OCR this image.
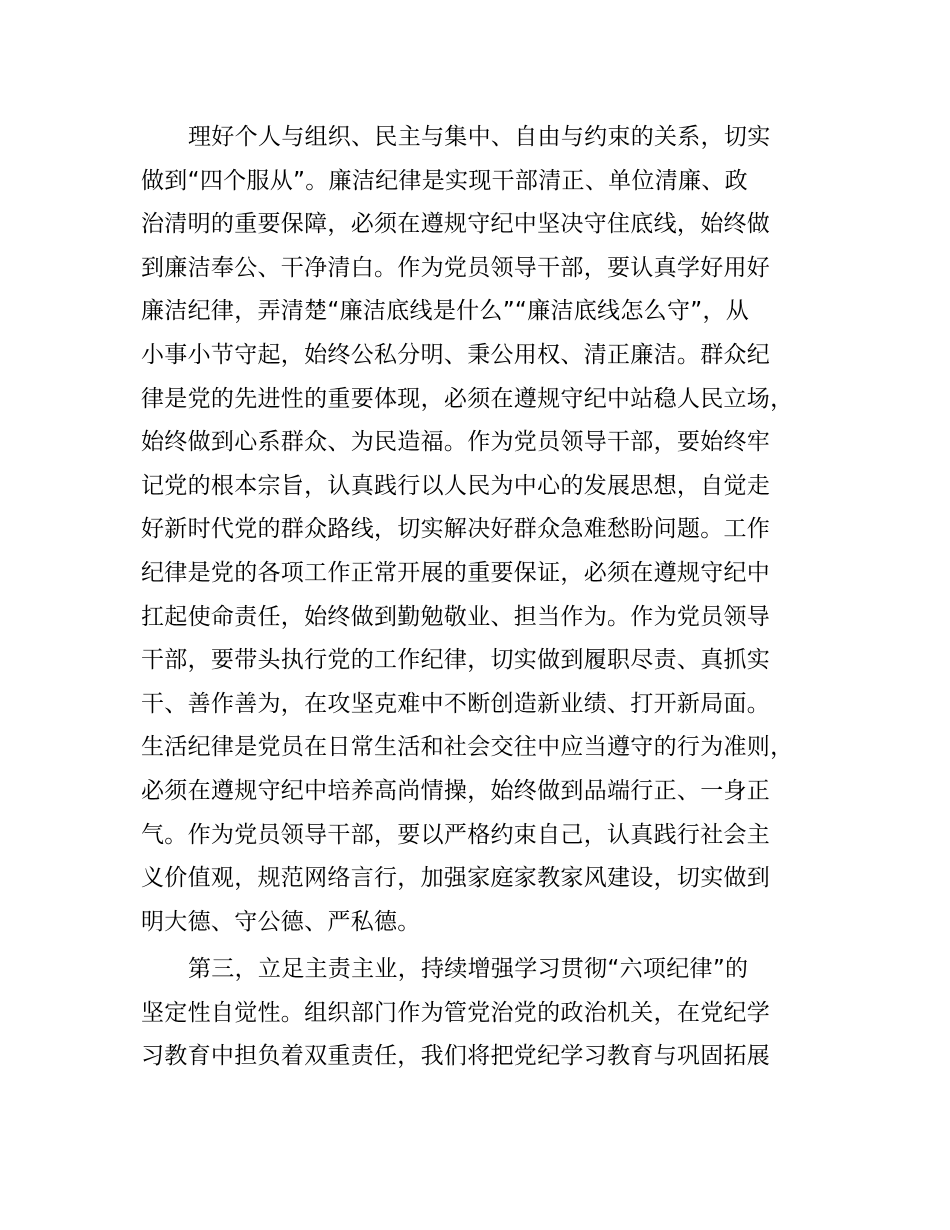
理好个人与组织、民主与集中、自由与约束的关系，切实
做到“四个服从”。廉洁纪律是实现干部清正、单位清廉、政
治清明的重要保障，必须在遵规守纪中坚决守住底线，始终做
到廉洁奉公、干净清白。作为党员领导干部，要认真学好用好
廉洁纪律，弄清楚“廉洁底线是什么”“廉洁底线怎么守”，从
小事小节守起，始终公私分明、秉公用权、清正廉洁。群众纪
律是党的先进性的重要体现，必须在遵规守纪中站稳人民立场，
始终做到心系群众、为民造福。作为党员领导干部，要始终牢
记党的根本宗旨，认真践行以人民为中心的发展思想，自觉走
好新时代党的群众路线，切实解决好群众急难愁盼问题。工作
纪律是党的各项工作正常开展的重要保证，必须在遵规守纪中
扛起使命责任，始终做到勤勉敬业、担当作为。作为党员领导
干部，要带头执行党的工作纪律，切实做到履职尽责、真抓实
干、善作善为，在攻坚克难中不断创造新业绩、打开新局面。
生活纪律是党员在日常生活和社会交往中应当遵守的行为准则，
必须在遵规守纪中培养高尚情操，始终做到品端行正、一身正
气。作为党员领导干部，要以严格约束自己，认真践行社会主
义价值观，规范网络言行，加强家庭家教家风建设，切实做到
明大德、守公德、严私德。
第三，立足主责主业，持续增强学习贯彻“六项纪律”的
坚定性自觉性。组织部门作为管党治党的政治机关，在党纪学
习教育中担负着双重责任，我们将把党纪学习教育与巩固拓展
